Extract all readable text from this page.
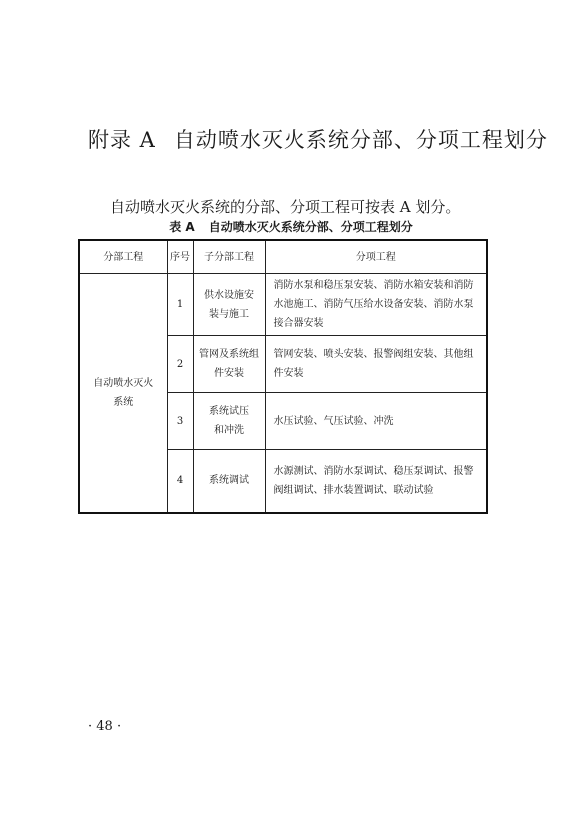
附录 A 自动喷水灭火系统分部、分项工程划分
自动喷水灭火系统的分部、分项工程可按表 A 划分。
表 A 自动喷水灭火系统分部、分项工程划分
分部工程	序号	子分部工程	分项工程

自动喷水灭火系统	1	供水设施安装与施工	消防水泵和稳压泵安装、消防水箱安装和消防水池施工、消防气压给水设备安装、消防水泵接合器安装
	2	管网及系统组件安装	管网安装、喷头安装、报警阀组安装、其他组件安装
	3	系统试压和冲洗	水压试验、气压试验、冲洗
	4	系统调试	水源测试、消防水泵调试、稳压泵调试、报警阀组调试、排水装置调试、联动试验
· 48 ·
